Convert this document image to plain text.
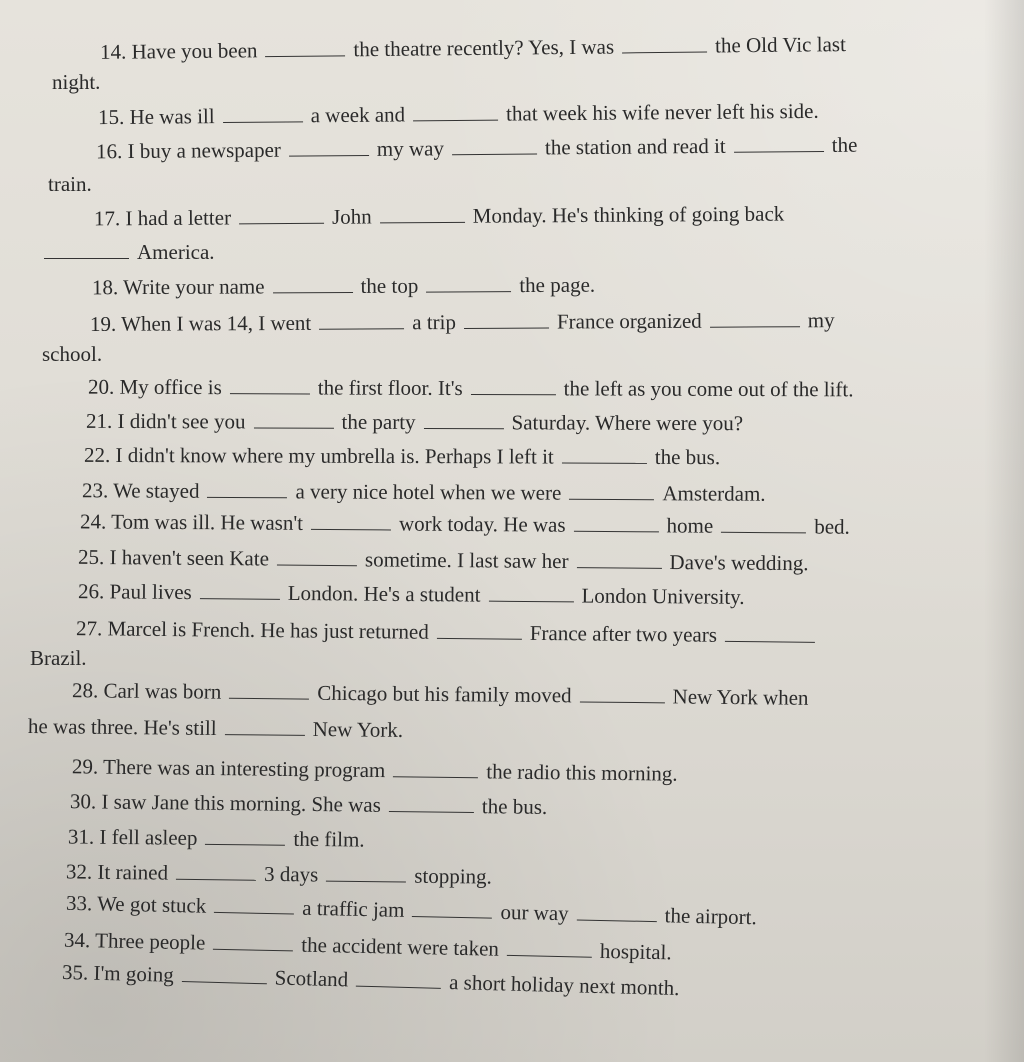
14. Have you been	the theatre recently? Yes, I was	the Old Vic last
night.
15. He was ill	a week and	that week his wife never left his side.
16. I buy a newspaper	my way	the station and read it	the
train.
17. I had a letter	John	Monday. He's thinking of going back
America.
18. Write your name	the top	the page.
19. When I was 14, I went	a trip	France organized	my
school.
20. My office is	the first floor. It's	the left as you come out of the lift.
21. I didn't see you	the party	Saturday. Where were you?
22. I didn't know where my umbrella is. Perhaps I left it	the bus.
23. We stayed	a very nice hotel when we were	Amsterdam.
24. Tom was ill. He wasn't	work today. He was	home	bed.
25. I haven't seen Kate	sometime. I last saw her	Dave's wedding.
26. Paul lives	London. He's a student	London University.
27. Marcel is French. He has just returned	France after two years
Brazil.
28. Carl was born	Chicago but his family moved	New York when
he was three. He's still	New York.
29. There was an interesting program	the radio this morning.
30. I saw Jane this morning. She was	the bus.
31. I fell asleep	the film.
32. It rained	3 days	stopping.
33. We got stuck	a traffic jam	our way	the airport.
34. Three people	the accident were taken	hospital.
35. I'm going	Scotland	a short holiday next month.
